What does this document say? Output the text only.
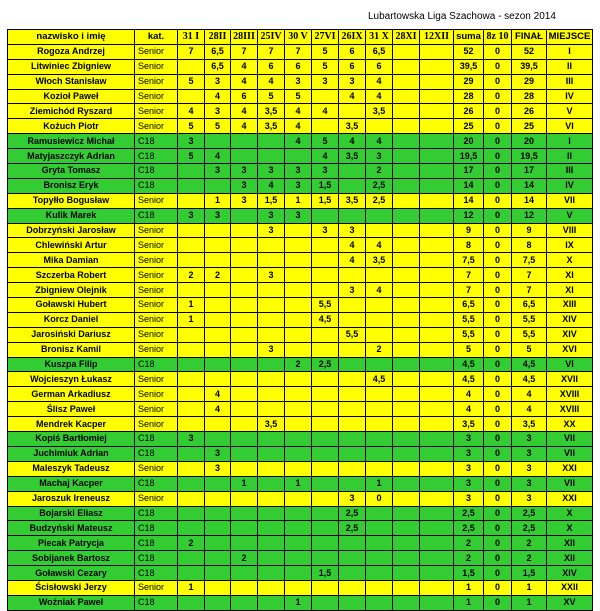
Lubartowska Liga Szachowa - sezon 2014
nazwisko i imię	kat.	31 I	28II	28III	25IV	30 V	27VI	26IX	31 X	28XI	12XII	suma	8z 10	FINAŁ	MIEJSCE
Rogoza Andrzej	Senior	7	6,5	7	7	7	5	6	6,5			52	0	52	I
Litwiniec Zbigniew	Senior		6,5	4	6	6	5	6	6			39,5	0	39,5	II
Włoch Stanisław	Senior	5	3	4	4	3	3	3	4			29	0	29	III
Kozioł Paweł	Senior		4	6	5	5		4	4			28	0	28	IV
Ziemichód Ryszard	Senior	4	3	4	3,5	4	4		3,5			26	0	26	V
Kożuch Piotr	Senior	5	5	4	3,5	4		3,5				25	0	25	VI
Ramusiewicz Michał	C18	3				4	5	4	4			20	0	20	I
Matyjaszczyk Adrian	C18	5	4				4	3,5	3			19,5	0	19,5	II
Gryta Tomasz	C18		3	3	3	3	3		2			17	0	17	III
Bronisz Eryk	C18			3	4	3	1,5		2,5			14	0	14	IV
Topyłło Bogusław	Senior		1	3	1,5	1	1,5	3,5	2,5			14	0	14	VII
Kulik Marek	C18	3	3		3	3						12	0	12	V
Dobrzyński Jarosław	Senior				3		3	3				9	0	9	VIII
Chlewiński Artur	Senior							4	4			8	0	8	IX
Mika Damian	Senior							4	3,5			7,5	0	7,5	X
Szczerba Robert	Senior	2	2		3							7	0	7	XI
Zbigniew Olejnik	Senior							3	4			7	0	7	XI
Goławski Hubert	Senior	1					5,5					6,5	0	6,5	XIII
Korcz Daniel	Senior	1					4,5					5,5	0	5,5	XIV
Jarosiński Dariusz	Senior							5,5				5,5	0	5,5	XIV
Bronisz Kamil	Senior				3				2			5	0	5	XVI
Kuszpa Filip	C18					2	2,5					4,5	0	4,5	VI
Wojcieszyn Łukasz	Senior								4,5			4,5	0	4,5	XVII
German Arkadiusz	Senior		4									4	0	4	XVIII
Ślisz Paweł	Senior		4									4	0	4	XVIII
Mendrek Kacper	Senior				3,5							3,5	0	3,5	XX
Kopiś Bartłomiej	C18	3										3	0	3	VII
Juchimiuk Adrian	C18		3									3	0	3	VII
Maleszyk Tadeusz	Senior		3									3	0	3	XXI
Machaj Kacper	C18			1		1			1			3	0	3	VII
Jaroszuk Ireneusz	Senior							3	0			3	0	3	XXI
Bojarski Eliasz	C18							2,5				2,5	0	2,5	X
Budzyński Mateusz	C18							2,5				2,5	0	2,5	X
Piecak Patrycja	C18	2										2	0	2	XII
Sobijanek Bartosz	C18			2								2	0	2	XII
Goławski Cezary	C18						1,5					1,5	0	1,5	XIV
Ścisłowski Jerzy	Senior	1										1	0	1	XXII
Woźniak Paweł	C18					1						1	0	1	XV
